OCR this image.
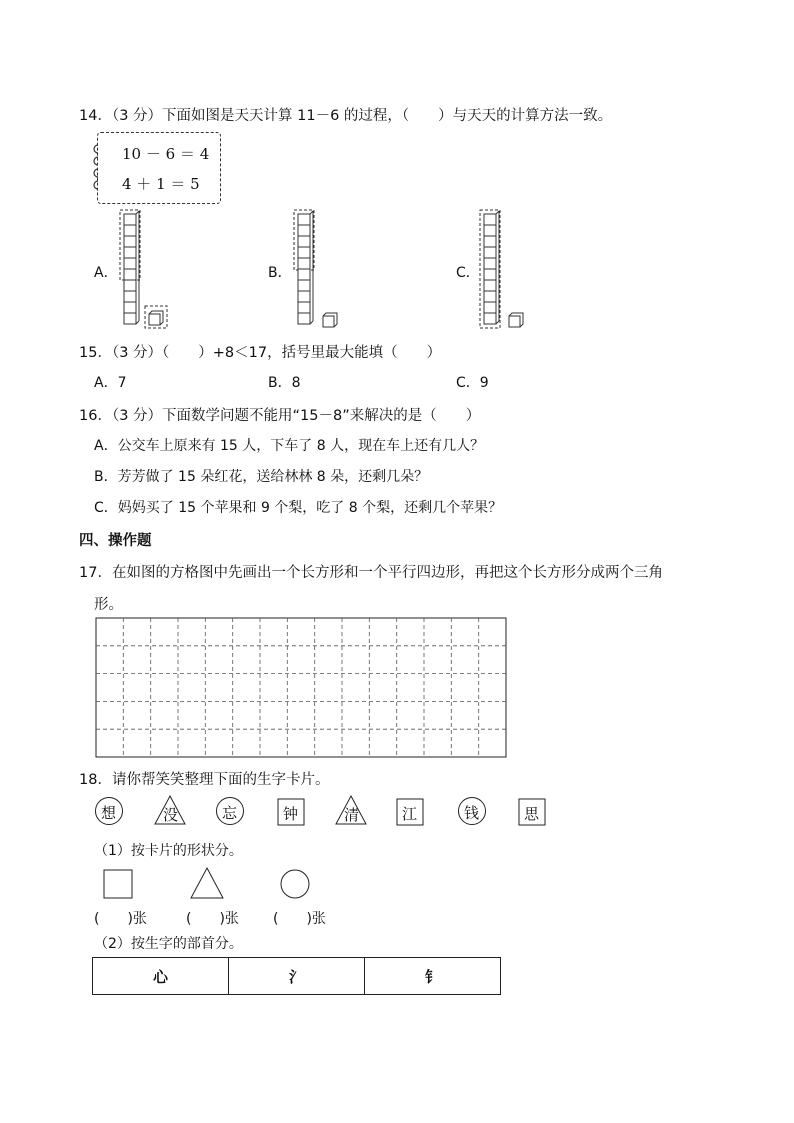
14．（3 分）下面如图是天天计算 11－6 的过程，（　　）与天天的计算方法一致。
10 － 6 ＝ 4
4 ＋ 1 ＝ 5
A．	B．	C．
15．（3 分）（　　）+8＜17，括号里最大能填（　　）
A．7	B．8	C．9
16．（3 分）下面数学问题不能用“15－8”来解决的是（　　）
A．公交车上原来有 15 人，下车了 8 人，现在车上还有几人？
B．芳芳做了 15 朵红花，送给林林 8 朵，还剩几朵？
C．妈妈买了 15 个苹果和 9 个梨，吃了 8 个梨，还剩几个苹果？
四、操作题
17．在如图的方格图中先画出一个长方形和一个平行四边形，再把这个长方形分成两个三角
形。
18．请你帮笑笑整理下面的生字卡片。
想	没	忘	钟	清	江	钱	思
（1）按卡片的形状分。
(　　)张	(　　)张 (　　)张
（2）按生字的部首分。
心	氵	钅
